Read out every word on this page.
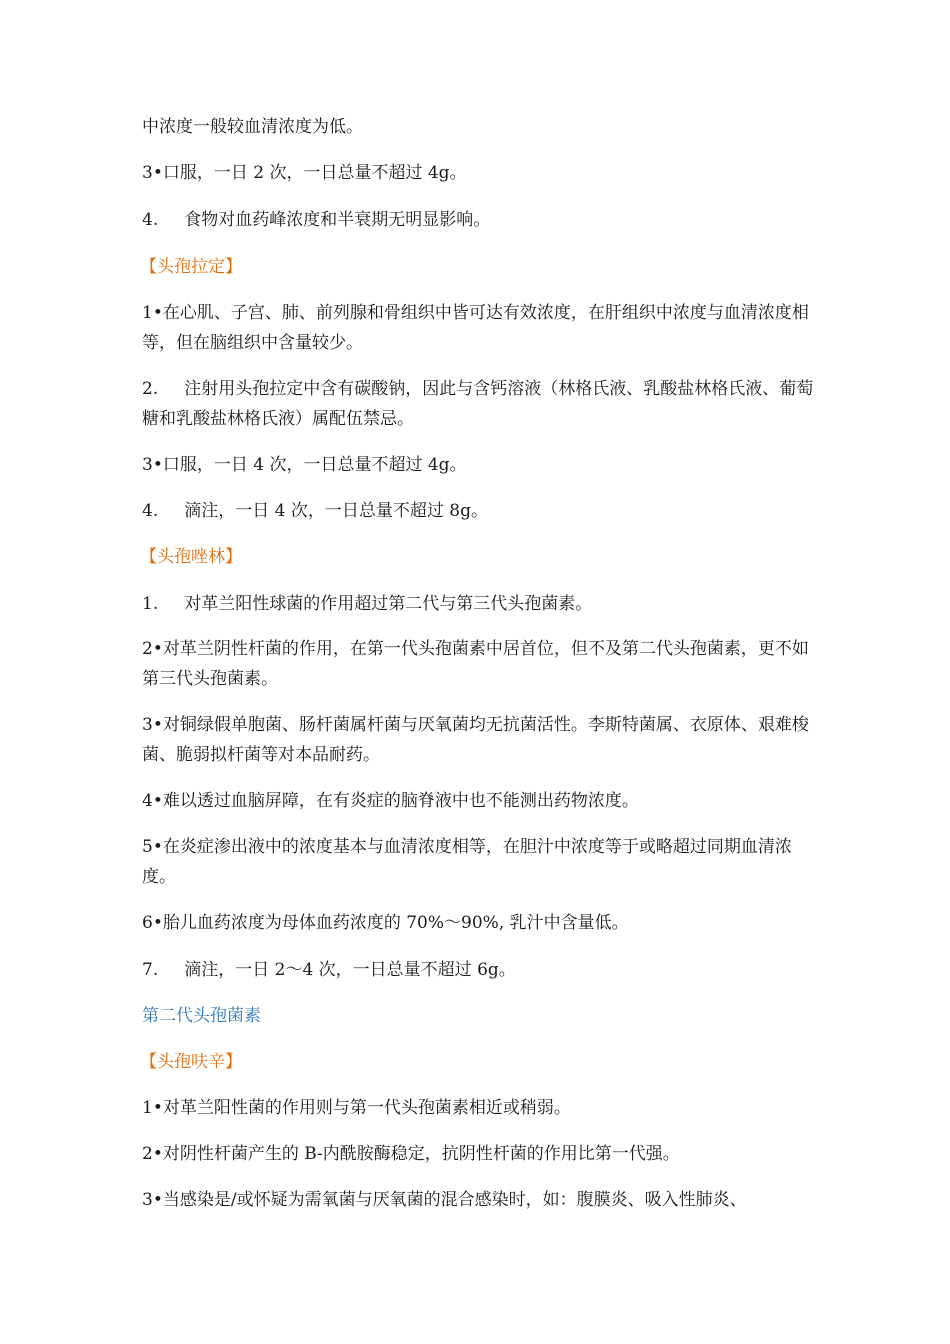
中浓度一般较血清浓度为低。
3•口服，一日 2 次，一日总量不超过 4g。
4. 食物对血药峰浓度和半衰期无明显影响。
【头孢拉定】
1•在心肌、子宫、肺、前列腺和骨组织中皆可达有效浓度，在肝组织中浓度与血清浓度相等，但在脑组织中含量较少。
2. 注射用头孢拉定中含有碳酸钠，因此与含钙溶液（林格氏液、乳酸盐林格氏液、葡萄糖和乳酸盐林格氏液）属配伍禁忌。
3•口服，一日 4 次，一日总量不超过 4g。
4. 滴注，一日 4 次，一日总量不超过 8g。
【头孢唑林】
1. 对革兰阳性球菌的作用超过第二代与第三代头孢菌素。
2•对革兰阴性杆菌的作用，在第一代头孢菌素中居首位，但不及第二代头孢菌素，更不如第三代头孢菌素。
3•对铜绿假单胞菌、肠杆菌属杆菌与厌氧菌均无抗菌活性。李斯特菌属、衣原体、艰难梭菌、脆弱拟杆菌等对本品耐药。
4•难以透过血脑屏障，在有炎症的脑脊液中也不能测出药物浓度。
5•在炎症渗出液中的浓度基本与血清浓度相等，在胆汁中浓度等于或略超过同期血清浓度。
6•胎儿血药浓度为母体血药浓度的 70%〜90%, 乳汁中含量低。
7. 滴注，一日 2〜4 次，一日总量不超过 6g。
第二代头孢菌素
【头孢呋辛】
1•对革兰阳性菌的作用则与第一代头孢菌素相近或稍弱。
2•对阴性杆菌产生的 B-内酰胺酶稳定，抗阴性杆菌的作用比第一代强。
3•当感染是/或怀疑为需氧菌与厌氧菌的混合感染时，如：腹膜炎、吸入性肺炎、
